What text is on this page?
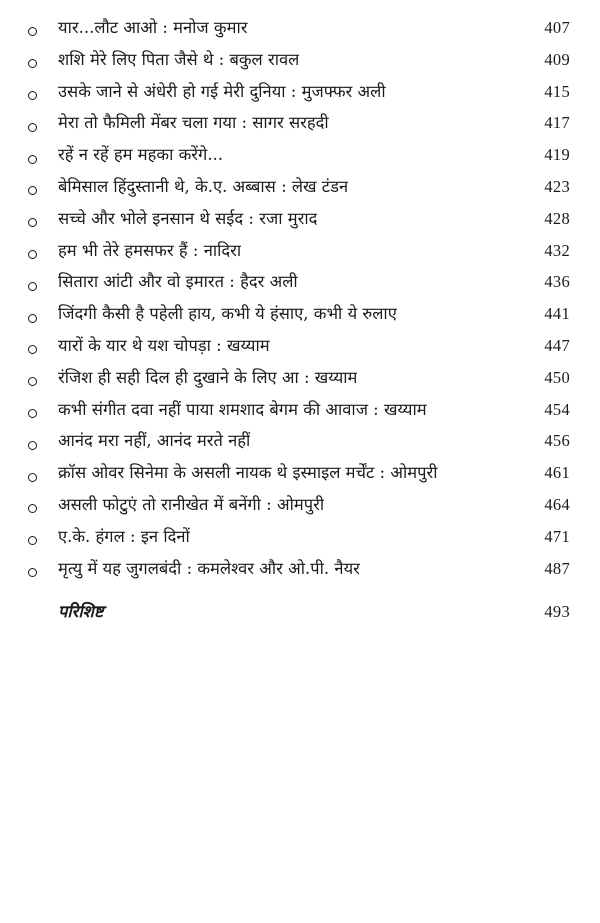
यार...लौट आओ : मनोज कुमार	407
शशि मेरे लिए पिता जैसे थे : बकुल रावल	409
उसके जाने से अंधेरी हो गई मेरी दुनिया : मुजफ्फर अली	415
मेरा तो फैमिली मेंबर चला गया : सागर सरहदी	417
रहें न रहें हम महका करेंगे...	419
बेमिसाल हिंदुस्तानी थे, के.ए. अब्बास : लेख टंडन	423
सच्चे और भोले इनसान थे सईद : रजा मुराद	428
हम भी तेरे हमसफर हैं : नादिरा	432
सितारा आंटी और वो इमारत : हैदर अली	436
जिंदगी कैसी है पहेली हाय, कभी ये हंसाए, कभी ये रुलाए	441
यारों के यार थे यश चोपड़ा : खय्याम	447
रंजिश ही सही दिल ही दुखाने के लिए आ : खय्याम	450
कभी संगीत दवा नहीं पाया शमशाद बेगम की आवाज : खय्याम	454
आनंद मरा नहीं, आनंद मरते नहीं	456
क्रॉस ओवर सिनेमा के असली नायक थे इस्माइल मर्चेंट : ओमपुरी	461
असली फोटुएं तो रानीखेत में बनेंगी : ओमपुरी	464
ए.के. हंगल : इन दिनों	471
मृत्यु में यह जुगलबंदी : कमलेश्वर और ओ.पी. नैयर	487
परिशिष्ट	493
